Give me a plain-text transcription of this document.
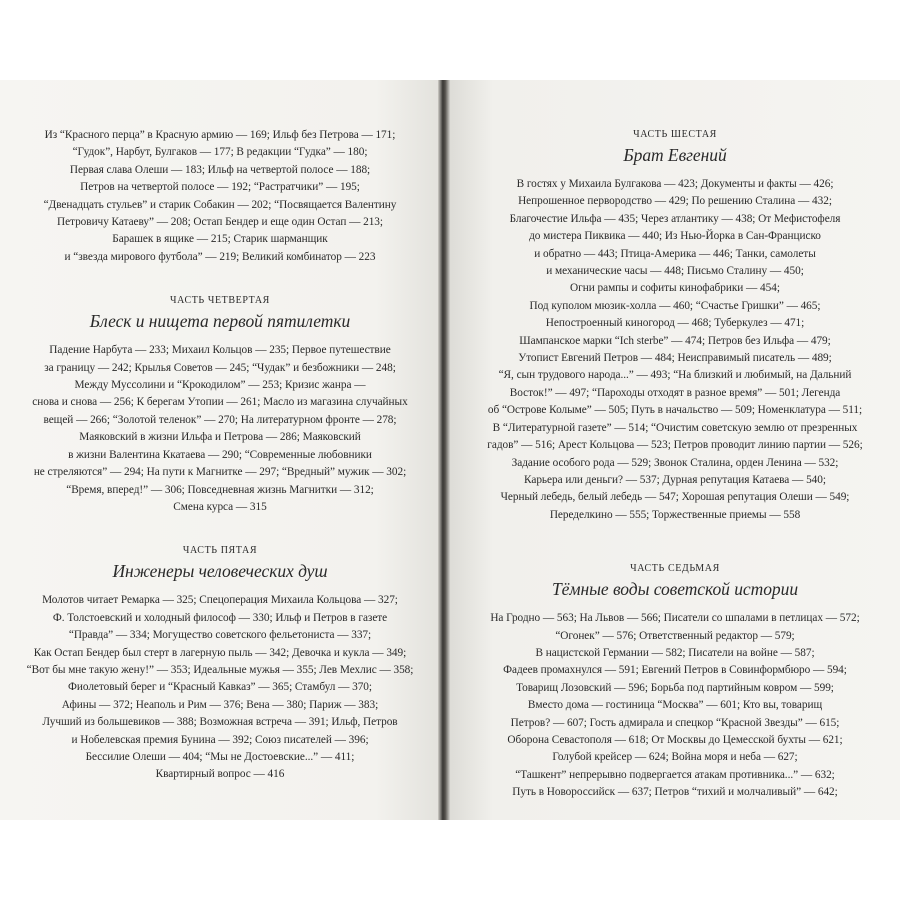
Из “Красного перца” в Красную армию — 169; Ильф без Петрова — 171;
“Гудок”, Нарбут, Булгаков — 177; В редакции “Гудка” — 180;
Первая слава Олеши — 183; Ильф на четвертой полосе — 188;
Петров на четвертой полосе — 192; “Растратчики” — 195;
“Двенадцать стульев” и старик Собакин — 202; “Посвящается Валентину
Петровичу Катаеву” — 208; Остап Бендер и еще один Остап — 213;
Барашек в ящике — 215; Старик шарманщик
и “звезда мирового футбола” — 219; Великий комбинатор — 223
ЧАСТЬ ЧЕТВЕРТАЯ
Блеск и нищета первой пятилетки
Падение Нарбута — 233; Михаил Кольцов — 235; Первое путешествие
за границу — 242; Крылья Советов — 245; “Чудак” и безбожники — 248;
Между Муссолини и “Крокодилом” — 253; Кризис жанра —
снова и снова — 256; К берегам Утопии — 261; Масло из магазина случайных
вещей — 266; “Золотой теленок” — 270; На литературном фронте — 278;
Маяковский в жизни Ильфа и Петрова — 286; Маяковский
в жизни Валентина Ккатаева — 290; “Современные любовники
не стреляются” — 294; На пути к Магнитке — 297; “Вредный” мужик — 302;
“Время, вперед!” — 306; Повседневная жизнь Магнитки — 312;
Смена курса — 315
ЧАСТЬ ПЯТАЯ
Инженеры человеческих душ
Молотов читает Ремарка — 325; Спецоперация Михаила Кольцова — 327;
Ф. Толстоевский и холодный философ — 330; Ильф и Петров в газете
“Правда” — 334; Могущество советского фельетониста — 337;
Как Остап Бендер был стерт в лагерную пыль — 342; Девочка и кукла — 349;
“Вот бы мне такую жену!” — 353; Идеальные мужья — 355; Лев Мехлис — 358;
Фиолетовый берег и “Красный Кавказ” — 365; Стамбул — 370;
Афины — 372; Неаполь и Рим — 376; Вена — 380; Париж — 383;
Лучший из большевиков — 388; Возможная встреча — 391; Ильф, Петров
и Нобелевская премия Бунина — 392; Союз писателей — 396;
Бессилие Олеши — 404; “Мы не Достоевские...” — 411;
Квартирный вопрос — 416
ЧАСТЬ ШЕСТАЯ
Брат Евгений
В гостях у Михаила Булгакова — 423; Документы и факты — 426;
Непрошенное первородство — 429; По решению Сталина — 432;
Благочестие Ильфа — 435; Через атлантику — 438; От Мефистофеля
до мистера Пиквика — 440; Из Нью-Йорка в Сан-Франциско
и обратно — 443; Птица-Америка — 446; Танки, самолеты
и механические часы — 448; Письмо Сталину — 450;
Огни рампы и софиты кинофабрики — 454;
Под куполом мюзик-холла — 460; “Счастье Гришки” — 465;
Непостроенный киногород — 468; Туберкулез — 471;
Шампанское марки “Ich sterbe” — 474; Петров без Ильфа — 479;
Утопист Евгений Петров — 484; Неисправимый писатель — 489;
“Я, сын трудового народа...” — 493; “На близкий и любимый, на Дальний
Восток!” — 497; “Пароходы отходят в разное время” — 501; Легенда
об “Острове Колыме” — 505; Путь в начальство — 509; Номенклатура — 511;
В “Литературной газете” — 514; “Очистим советскую землю от презренных
гадов” — 516; Арест Кольцова — 523; Петров проводит линию партии — 526;
Задание особого рода — 529; Звонок Сталина, орден Ленина — 532;
Карьера или деньги? — 537; Дурная репутация Катаева — 540;
Черный лебедь, белый лебедь — 547; Хорошая репутация Олеши — 549;
Переделкино — 555; Торжественные приемы — 558
ЧАСТЬ СЕДЬМАЯ
Тёмные воды советской истории
На Гродно — 563; На Львов — 566; Писатели со шпалами в петлицах — 572;
“Огонек” — 576; Ответственный редактор — 579;
В нацистской Германии — 582; Писатели на войне — 587;
Фадеев промахнулся — 591; Евгений Петров в Совинформбюро — 594;
Товарищ Лозовский — 596; Борьба под партийным ковром — 599;
Вместо дома — гостиница “Москва” — 601; Кто вы, товарищ
Петров? — 607; Гость адмирала и спецкор “Красной Звезды” — 615;
Оборона Севастополя — 618; От Москвы до Цемесской бухты — 621;
Голубой крейсер — 624; Война моря и неба — 627;
“Ташкент” непрерывно подвергается атакам противника...” — 632;
Путь в Новороссийск — 637; Петров “тихий и молчаливый” — 642;
